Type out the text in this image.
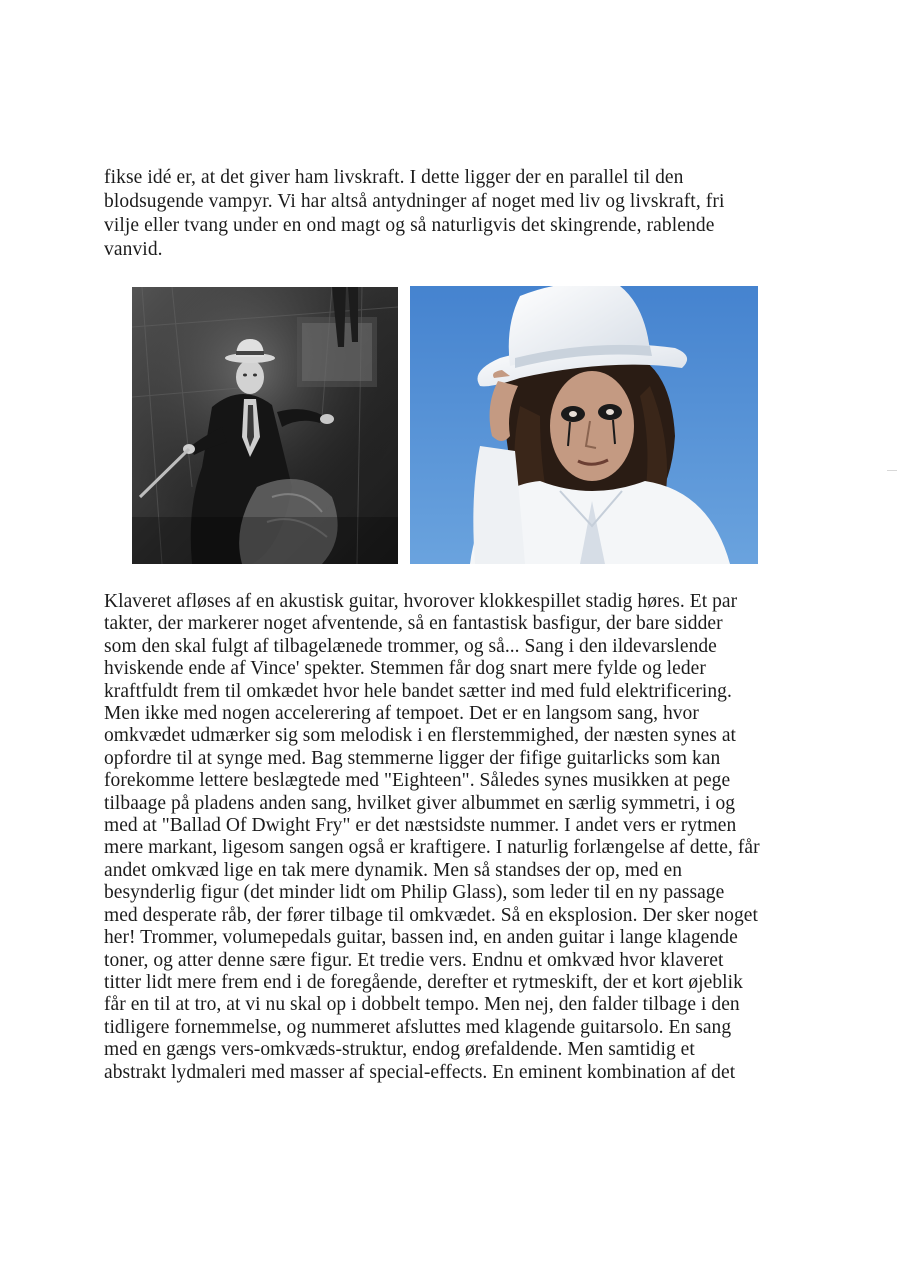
fikse idé er, at det giver ham livskraft. I dette ligger der en parallel til den
blodsugende vampyr. Vi har altså antydninger af noget med liv og livskraft, fri
vilje eller tvang under en ond magt og så naturligvis det skingrende, rablende
vanvid.
Klaveret afløses af en akustisk guitar, hvorover klokkespillet stadig høres. Et par
takter, der markerer noget afventende, så en fantastisk basfigur, der bare sidder
som den skal fulgt af tilbagelænede trommer, og så... Sang i den ildevarslende
hviskende ende af Vince' spekter. Stemmen får dog snart mere fylde og leder
kraftfuldt frem til omkædet hvor hele bandet sætter ind med fuld elektrificering.
Men ikke med nogen accelerering af tempoet. Det er en langsom sang, hvor
omkvædet udmærker sig som melodisk i en flerstemmighed, der næsten synes at
opfordre til at synge med. Bag stemmerne ligger der fifige guitarlicks som kan
forekomme lettere beslægtede med "Eighteen". Således synes musikken at pege
tilbaage på pladens anden sang, hvilket giver albummet en særlig symmetri, i og
med at "Ballad Of Dwight Fry" er det næstsidste nummer. I andet vers er rytmen
mere markant, ligesom sangen også er kraftigere. I naturlig forlængelse af dette, får
andet omkvæd lige en tak mere dynamik. Men så standses der op, med en
besynderlig figur (det minder lidt om Philip Glass), som leder til en ny passage
med desperate råb, der fører tilbage til omkvædet. Så en eksplosion. Der sker noget
her! Trommer, volumepedals guitar, bassen ind, en anden guitar i lange klagende
toner, og atter denne sære figur. Et tredie vers. Endnu et omkvæd hvor klaveret
titter lidt mere frem end i de foregående, derefter et rytmeskift, der et kort øjeblik
får en til at tro, at vi nu skal op i dobbelt tempo. Men nej, den falder tilbage i den
tidligere fornemmelse, og nummeret afsluttes med klagende guitarsolo. En sang
med en gængs vers-omkvæds-struktur, endog ørefaldende. Men samtidig et
abstrakt lydmaleri med masser af special-effects. En eminent kombination af det
